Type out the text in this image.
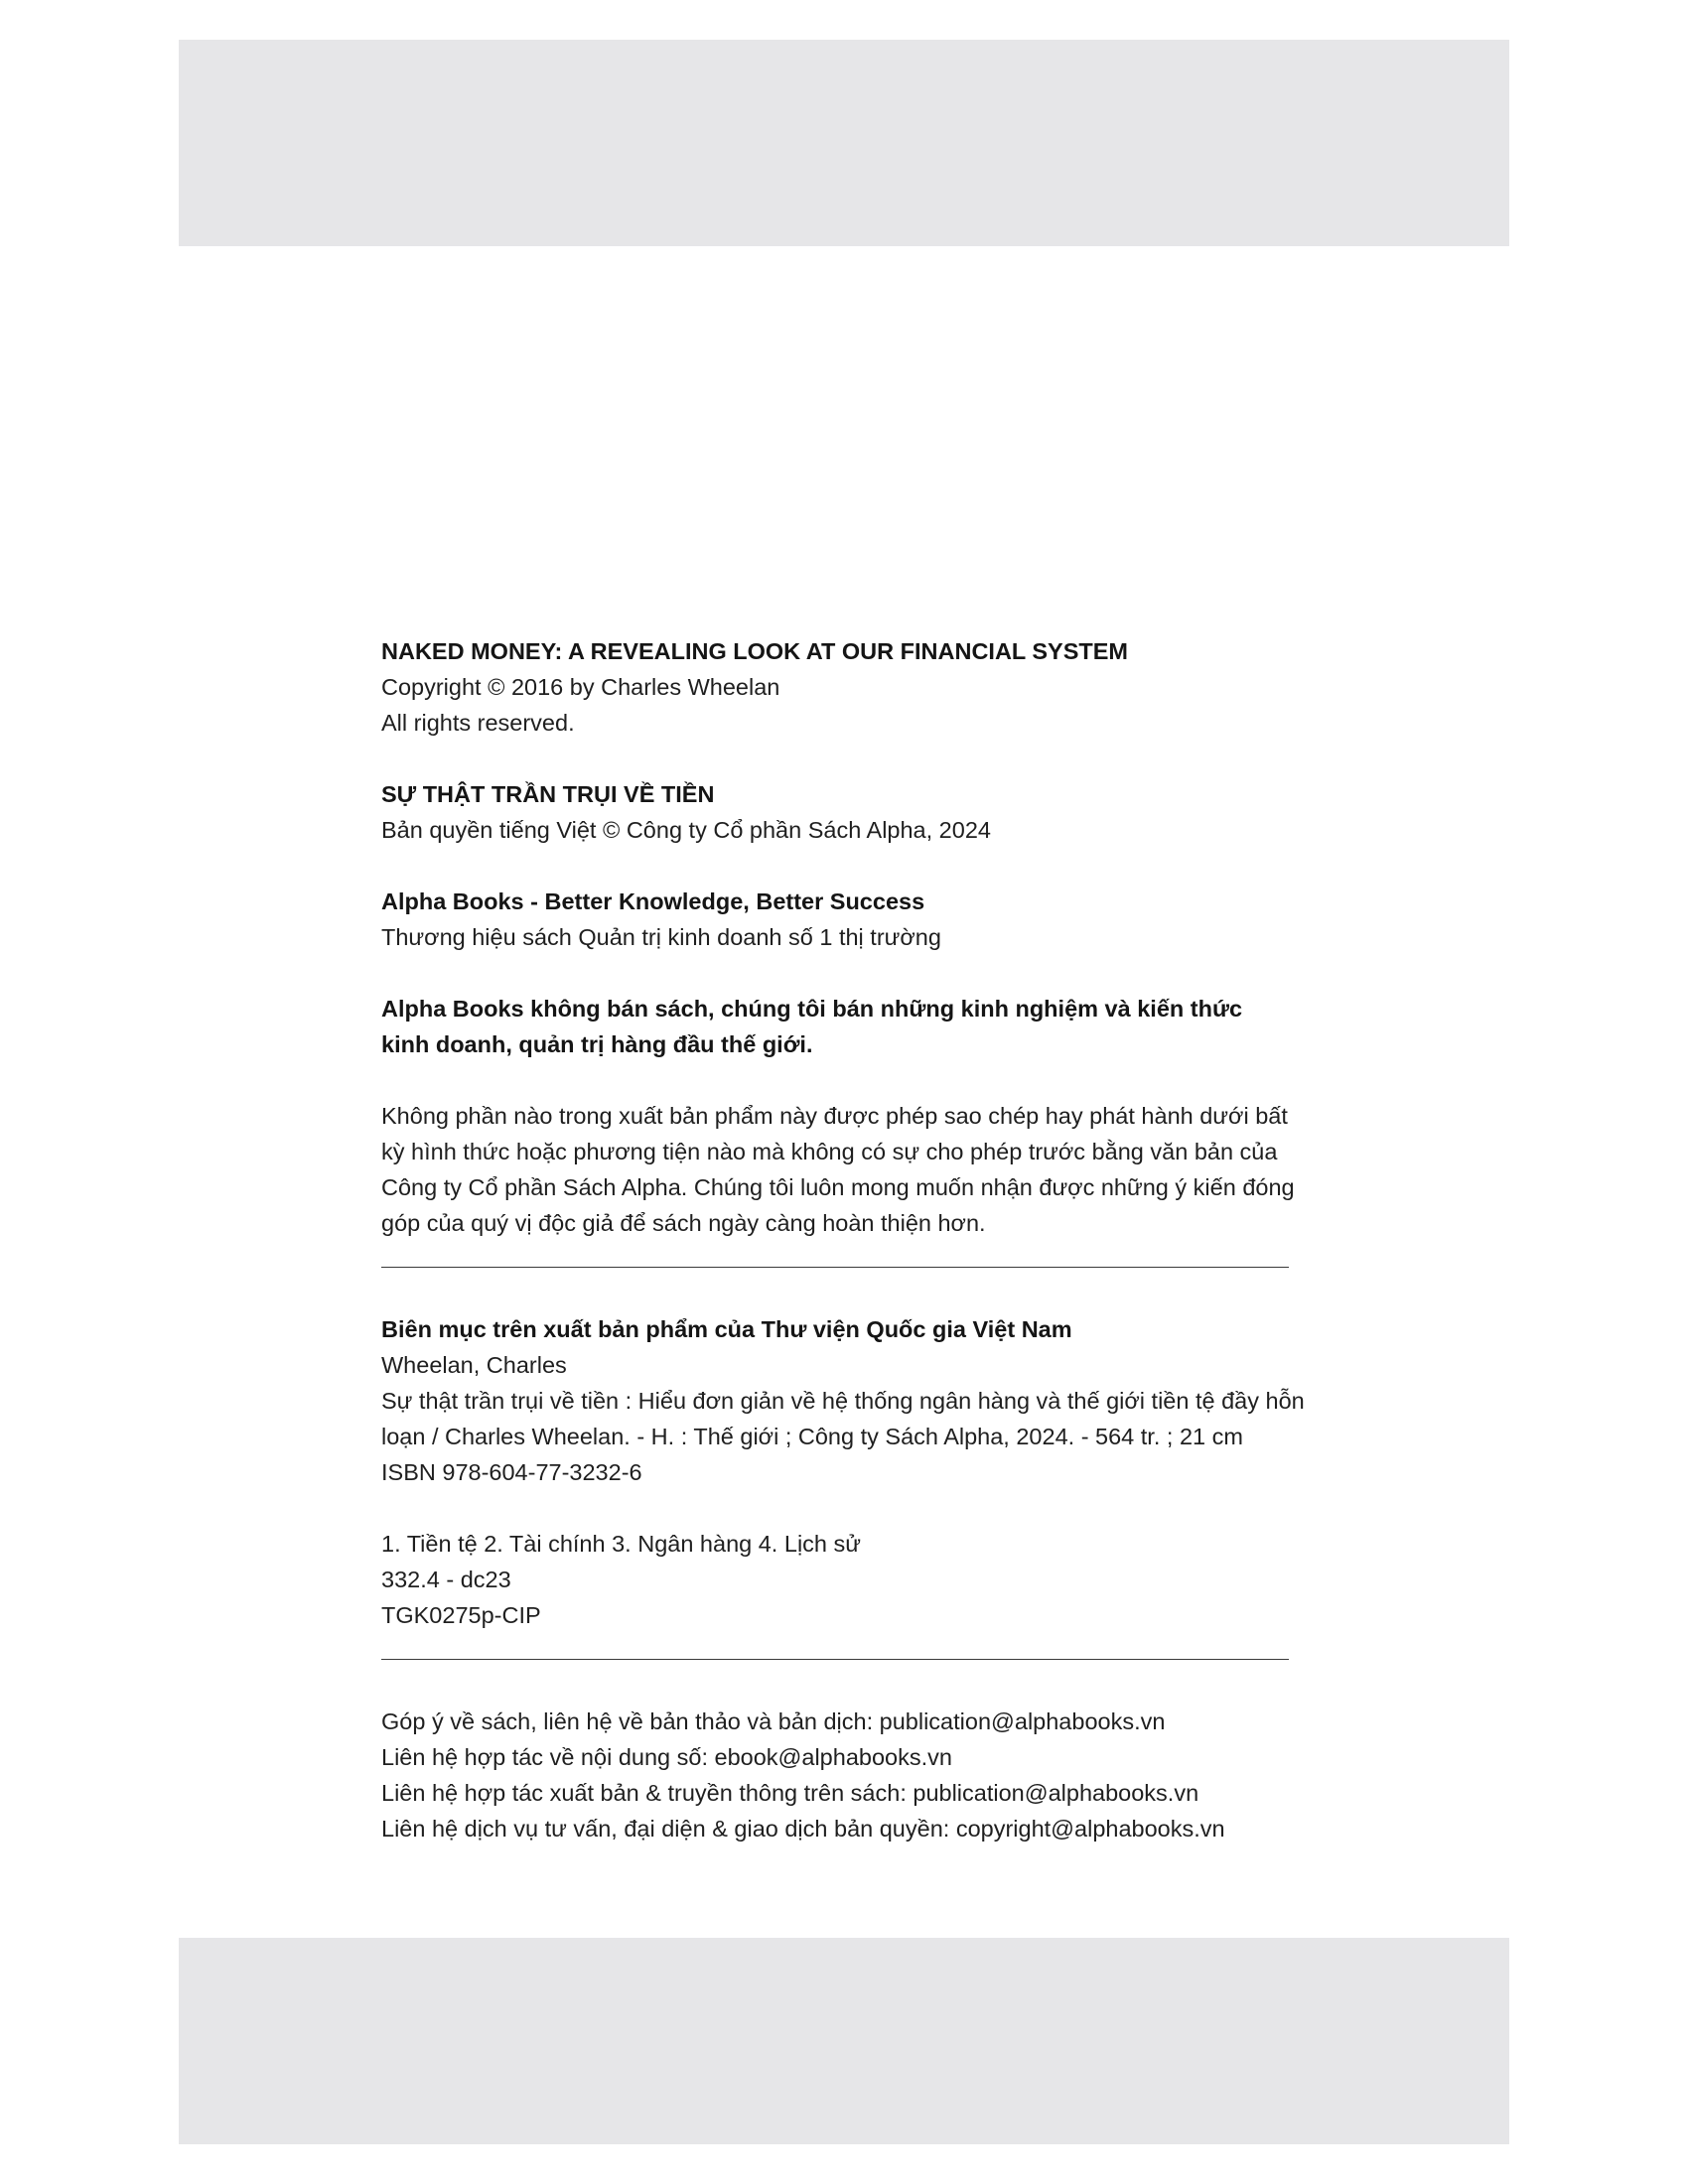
NAKED MONEY: A REVEALING LOOK AT OUR FINANCIAL SYSTEM
Copyright © 2016 by Charles Wheelan
All rights reserved.
SỰ THẬT TRẦN TRỤI VỀ TIỀN
Bản quyền tiếng Việt © Công ty Cổ phần Sách Alpha, 2024
Alpha Books - Better Knowledge, Better Success
Thương hiệu sách Quản trị kinh doanh số 1 thị trường
Alpha Books không bán sách, chúng tôi bán những kinh nghiệm và kiến thức
kinh doanh, quản trị hàng đầu thế giới.
Không phần nào trong xuất bản phẩm này được phép sao chép hay phát hành dưới bất
kỳ hình thức hoặc phương tiện nào mà không có sự cho phép trước bằng văn bản của
Công ty Cổ phần Sách Alpha. Chúng tôi luôn mong muốn nhận được những ý kiến đóng
góp của quý vị độc giả để sách ngày càng hoàn thiện hơn.
Biên mục trên xuất bản phẩm của Thư viện Quốc gia Việt Nam
Wheelan, Charles
Sự thật trần trụi về tiền : Hiểu đơn giản về hệ thống ngân hàng và thế giới tiền tệ đầy hỗn
loạn / Charles Wheelan. - H. : Thế giới ; Công ty Sách Alpha, 2024. - 564 tr. ; 21 cm
ISBN 978-604-77-3232-6
1. Tiền tệ 2. Tài chính 3. Ngân hàng 4. Lịch sử
332.4 - dc23
TGK0275p-CIP
Góp ý về sách, liên hệ về bản thảo và bản dịch: publication@alphabooks.vn
Liên hệ hợp tác về nội dung số: ebook@alphabooks.vn
Liên hệ hợp tác xuất bản & truyền thông trên sách: publication@alphabooks.vn
Liên hệ dịch vụ tư vấn, đại diện & giao dịch bản quyền: copyright@alphabooks.vn
